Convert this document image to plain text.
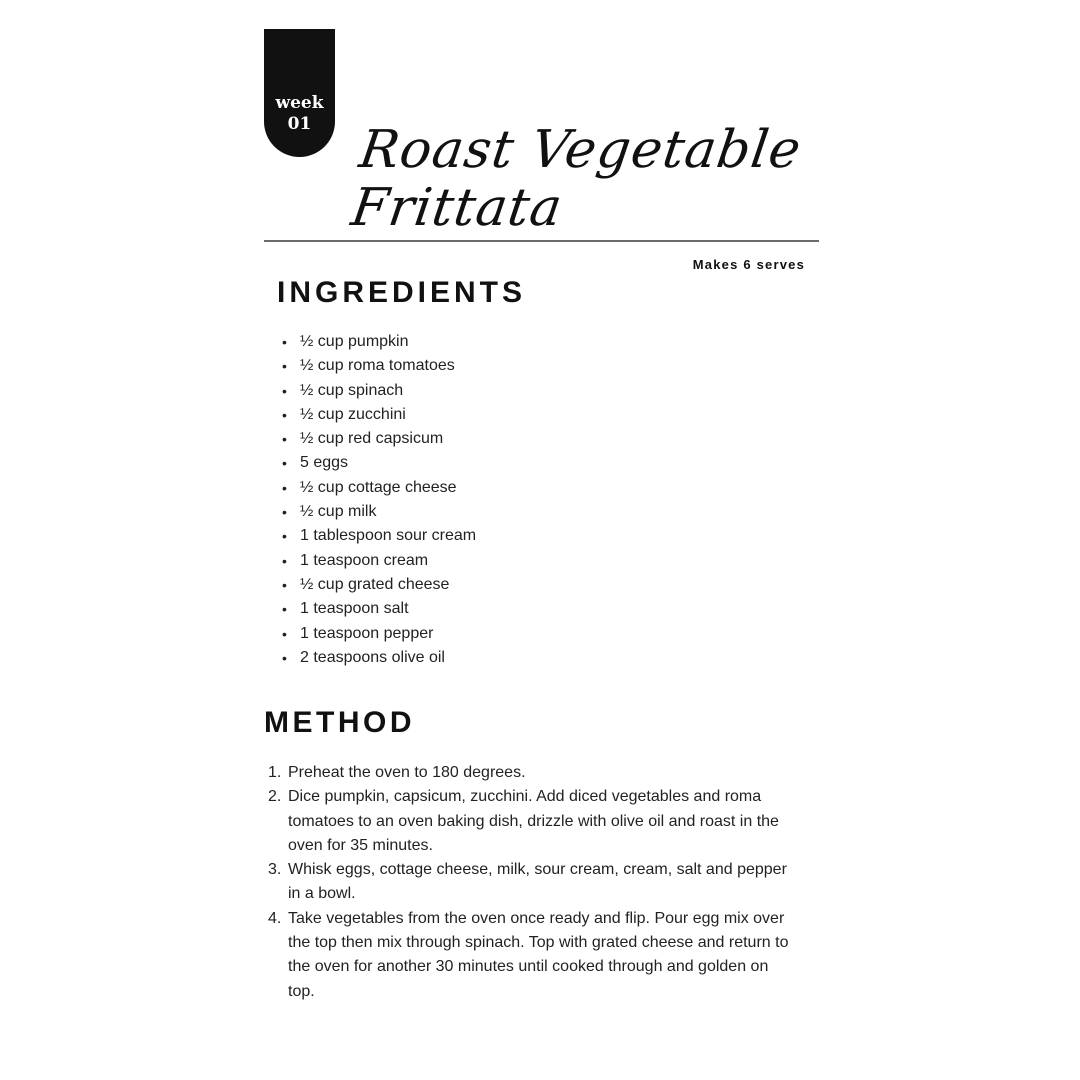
week
01 Roast Vegetable
Frittata
Makes 6 serves
INGREDIENTS
• ½ cup pumpkin
• ½ cup roma tomatoes
• ½ cup spinach
• ½ cup zucchini
• ½ cup red capsicum
• 5 eggs
• ½ cup cottage cheese
• ½ cup milk
• 1 tablespoon sour cream
• 1 teaspoon cream
• ½ cup grated cheese
• 1 teaspoon salt
• 1 teaspoon pepper
• 2 teaspoons olive oil
METHOD
1. Preheat the oven to 180 degrees.
2. Dice pumpkin, capsicum, zucchini. Add diced vegetables and roma tomatoes to an oven baking dish, drizzle with olive oil and roast in the oven for 35 minutes.
3. Whisk eggs, cottage cheese, milk, sour cream, cream, salt and pepper in a bowl.
4. Take vegetables from the oven once ready and flip. Pour egg mix over the top then mix through spinach. Top with grated cheese and return to the oven for another 30 minutes until cooked through and golden on top.
